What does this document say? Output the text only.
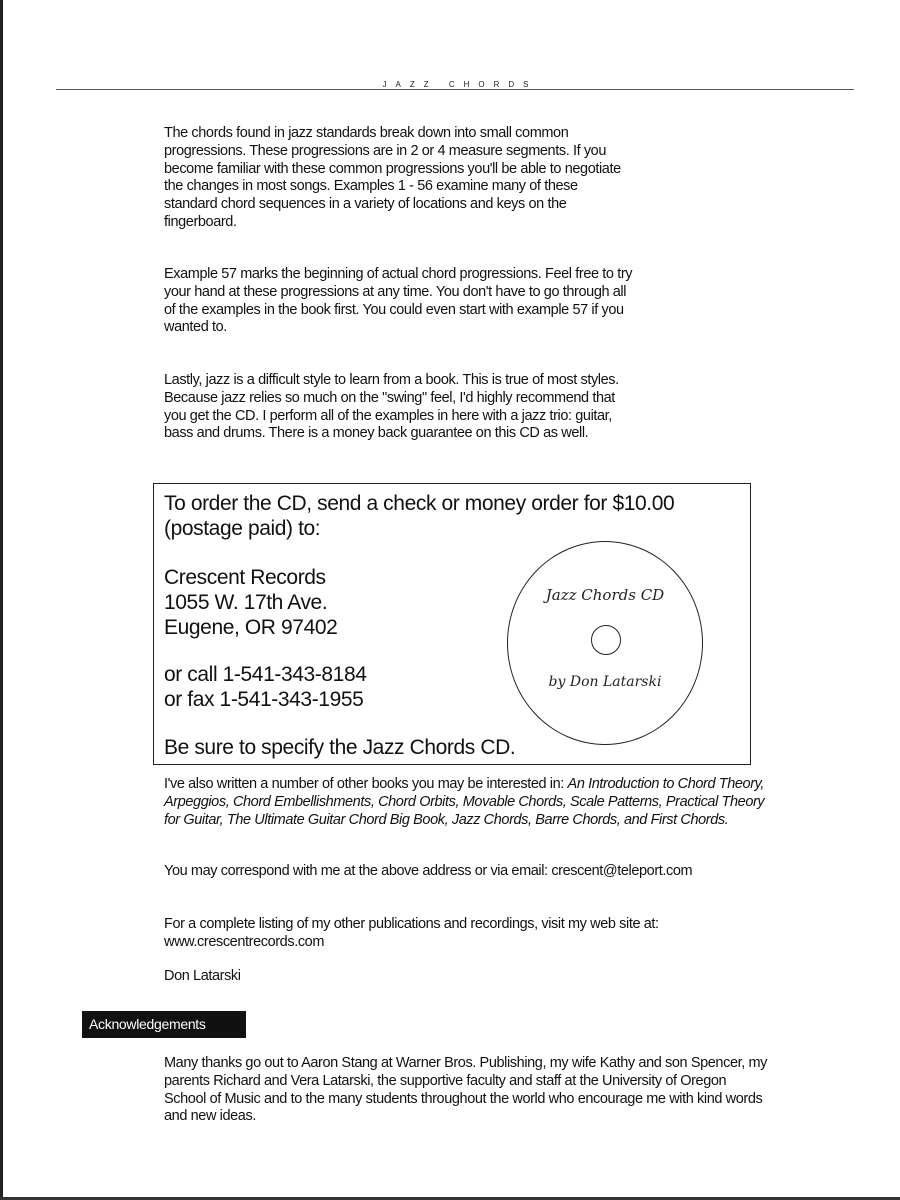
JAZZ CHORDS

The chords found in jazz standards break down into small common progressions. These progressions are in 2 or 4 measure segments. If you become familiar with these common progressions you'll be able to negotiate the changes in most songs. Examples 1 - 56 examine many of these standard chord sequences in a variety of locations and keys on the fingerboard.

Example 57 marks the beginning of actual chord progressions. Feel free to try your hand at these progressions at any time. You don't have to go through all of the examples in the book first. You could even start with example 57 if you wanted to.

Lastly, jazz is a difficult style to learn from a book. This is true of most styles. Because jazz relies so much on the "swing" feel, I'd highly recommend that you get the CD. I perform all of the examples in here with a jazz trio: guitar, bass and drums. There is a money back guarantee on this CD as well.

To order the CD, send a check or money order for $10.00
(postage paid) to:
Crescent Records
1055 W. 17th Ave.
Eugene, OR 97402
or call 1-541-343-8184
or fax 1-541-343-1955
Be sure to specify the Jazz Chords CD.
Jazz Chords CD
by Don Latarski

I've also written a number of other books you may be interested in: An Introduction to Chord Theory, Arpeggios, Chord Embellishments, Chord Orbits, Movable Chords, Scale Patterns, Practical Theory for Guitar, The Ultimate Guitar Chord Big Book, Jazz Chords, Barre Chords, and First Chords.

You may correspond with me at the above address or via email: crescent@teleport.com

For a complete listing of my other publications and recordings, visit my web site at: www.crescentrecords.com

Don Latarski

Acknowledgements

Many thanks go out to Aaron Stang at Warner Bros. Publishing, my wife Kathy and son Spencer, my parents Richard and Vera Latarski, the supportive faculty and staff at the University of Oregon School of Music and to the many students throughout the world who encourage me with kind words and new ideas.
